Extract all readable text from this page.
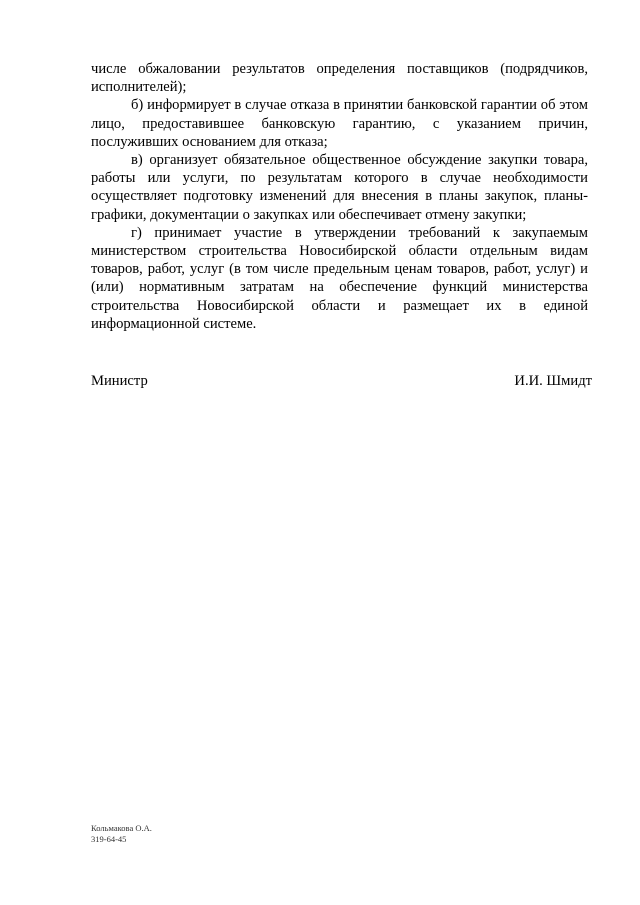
числе обжаловании результатов определения поставщиков (подрядчиков, исполнителей);

б) информирует в случае отказа в принятии банковской гарантии об этом лицо, предоставившее банковскую гарантию, с указанием причин, послуживших основанием для отказа;

в) организует обязательное общественное обсуждение закупки товара, работы или услуги, по результатам которого в случае необходимости осуществляет подготовку изменений для внесения в планы закупок, планы-графики, документации о закупках или обеспечивает отмену закупки;

г) принимает участие в утверждении требований к закупаемым министерством строительства Новосибирской области отдельным видам товаров, работ, услуг (в том числе предельным ценам товаров, работ, услуг) и (или) нормативным затратам на обеспечение функций министерства строительства Новосибирской области и размещает их в единой информационной системе.

Министр	И.И. Шмидт
Кольмакова О.А.
319-64-45
